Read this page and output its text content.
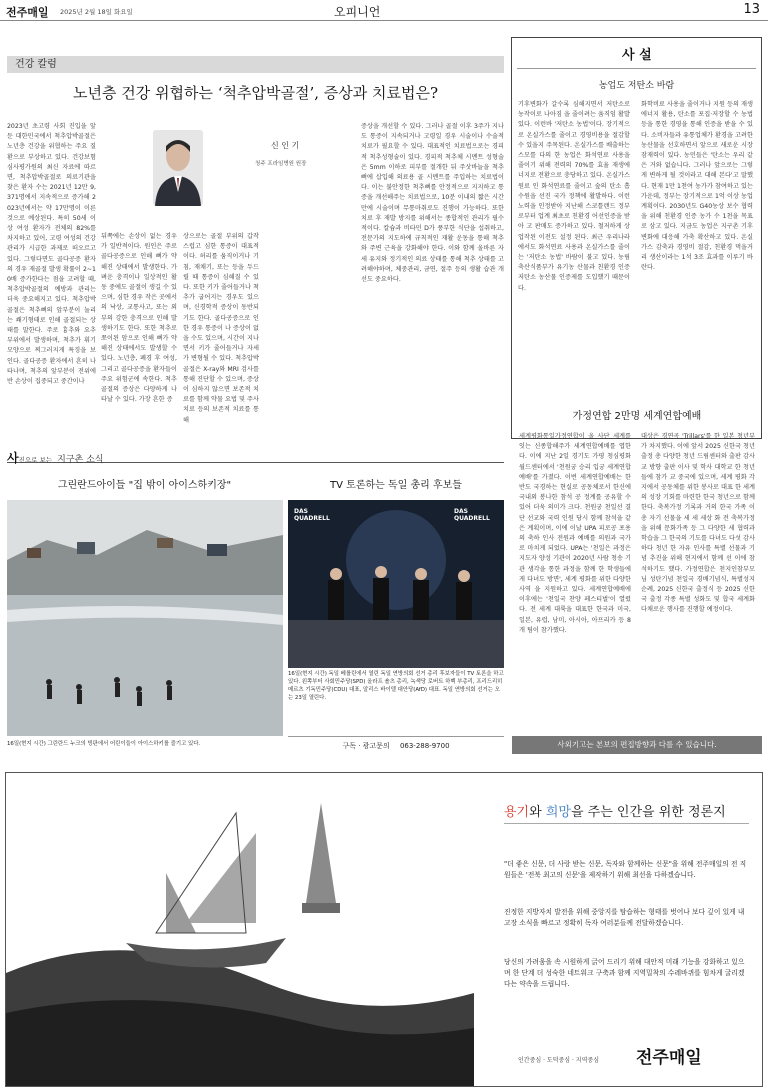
전주매일 2025년 2월 18일 화요일	오피니언	13
건강 칼럼
노년층 건강 위협하는 ‘척추압박골절’, 증상과 치료법은?
2023년 초고령 사회 진입을 앞둔 대한민국에서 척추압박골절은 노년층 건강을 위협하는 주요 질환으로 부상하고 있다. 건강보험심사평가원의 최신 자료에 따르면, 척추압박골절로 의료기관을 찾은 환자 수는 2021년 12만 9,371명에서 지속적으로 증가해 2023년에서는 약 17만명이 이른 것으로 예상된다. 특히 50세 이상 여성 환자가 전체의 82%를 차지하고 있어, 고령 여성의 건강관리가 시급한 과제로 떠오르고 있다. 그렇다면도 골다공증 환자의 경우 재골절 발생 확률이 2~10배 증가한다는 점을 고려할 때, 척추압박골절의 예방과 관리는 더욱 중요해지고 있다. 척추압박골절은 척추뼈의 앞부분이 눌리는 쐐기형태로 인해 골절되는 상태를 말한다. 주로 흉추와 요추 부위에서 발생하며, 척추가 휘기 모양으로 찌그러지게 특징을 보인다. 골다공증 환자에서 흔히 나타나며, 척추의 앞부분이 전위에 반 손상이 집중되고 중간이나
신 인 기
청주 프라임병원 원장
뒤쪽에는 손상이 없는 경우가 일반적이다. 원인은 주로 골다공증으로 인해 뼈가 약해진 상태에서 발생한다. 가벼운 충격이나 일상적인 활동 중에도 골절이 생길 수 있으며, 심한 경우 작은 곳에서의 낙상, 교통사고, 또는 외부의 강한 충격으로 인해 발생하기도 한다. 또한 척추로 쪼이된 암으로 인해 뼈가 약해진 상태에서도 발생할 수 있다. 노년층, 폐경 후 여성, 그리고 골다공증을 환자들이 주요 위험군에 속한다. 척추골절의 증상은 다양하게 나타날 수 있다. 가장 흔한 증
상으로는 골절 부위의 갑작스럽고 심한 통증이 대표적이다. 허리를 움직이거나 기침, 재채기, 또는 등을 두드릴 때 통증이 심해질 수 있다. 또한 키가 줄어들거나 척추가 굽어지는 경우도 있으며, 신경학적 증상이 동반되기도 한다. 골다공증으로 인한 경우 통증이 나 증상이 없을 수도 있으며, 시간이 지나면서 키가 줄어들거나 자세가 변형될 수 있다. 척추압박골절은 X-ray와 MRI 검사를 통해 진단할 수 있으며, 증상이 심하지 않으면 보존적 치료를 함께 약물 요법 및 주사치료 등의 보존적 치료를 통해
증상을 개선할 수 있다. 그러나 골절 이후 3주가 지나도 통증이 지속되거나 고령일 경우 시술이나 수술적 치료가 필요할 수 있다. 대표적인 치료법으로는 경피적 척추성형술이 있다. 경피적 척추체 시멘트 성형술은 5mm 이하로 피부를 절개한 뒤 주삿바늘을 척추뼈에 삽입해 의료용 골 시멘트를 주입하는 치료법이다. 이는 불안정한 척추뼈를 안정적으로 지지하고 통증을 개선해주는 치료법으로, 10분 이내의 짧은 시간만에 시술이며 무통마취로도 진행이 가능하다. 또한 치료 후 재발 방지를 위해서는 종합적인 관리가 필수적이다. 칼슘과 비타민 D가 풍부한 식단을 섭취하고, 전문가의 지도하에 규칙적인 재활 운동을 통해 척추와 주변 근육을 강화해야 한다. 이와 함께 올바른 자세 유지와 정기적인 의료 상태를 통해 척추 상태를 고려해야하며, 체중관리, 금연, 절주 등의 생활 습관 개선도 중요하다.
사 설
농업도 저탄소 바람
기후변화가 갈수록 심해지면서 저탄소로 농작이로 나아짐 을 줄이려는 움직임 활발 있다. 이런바 '저탄소 농법'이다. 장기적으로 온실가스를 줄이고 경영비용을 절감할 수 있을지 주목된다. 온실가스를 배출하는 스모를 다의 한 농업은 화석연료 사용을 줄이기 위해 전력의 70%를 효율 재생에너지로 전환으로 충당하고 있다. 온실가스 원료 인 화석연료를 줄이고 숲의 탄소 흡수원을 선진 국가 정책에 활발하다. 이런 노력을 인정받아 지난해 스코틀랜드 정부로부터 업계 최초로 친환경 어선인증을 받아 고 판매도 증가하고 있다. 철저하게 상업작된 이전도 설정 된다. 최근 우리나라에서도 화석연료 사용과 온실가스를 줄이는 '저탄소 농법' 바람이 불고 있다. 농림축산식품부가 유기농 산물과 친환경 인증저탄소 농산물 인증제를 도입했기 때문이다.
화학비료 사용을 줄이거나 지원 등의 재생에너지 활용, 탄소를 포집·저장할 수 농법 등을 통한 경영을 통해 인증을 받을 수 있다. 소비자들과 유통업체가 환경을 고려한 농산물을 선호하면서 앞으로 새로운 시장 잠재력이 있다. 농민들은 '탄소는 우리 같은 거와 없습니다. 그러나 앞으로는 그렇게 변하게 될 것이라고 대해 본다'고 말했다. 현재 1만 1천여 농가가 참여하고 있는 가운데, 정부는 장기적으로 1억 이상 농업 계획이다. 2030년도 G40농상 보수 협력을 위해 친환경 인증 농가 수 1천을 목표로 삼고 있다. 지금도 농업은 지구촌 기후변화에 대응해 가축 확산하고 있다. 온실가스 감축과 경영비 절감, 친환경 먹을거리 생산이라는 1석 3조 효과를 이루기 바란다.
가정연합 2만명 세계연합예배
세계평화통일가정연합이 올 사단 세계를 잇는 신종합해주가 세계연합예배를 엽한다. 이에 지난 2일 경기도 가평 청심평화월드센터에서 '천원궁 승리 입궁 세계연합예배'를 가졌다. 이번 세계연합예배는 한반도 국경하는 현실로 공동체로서 한신에 국내외 봉나한 참석 공 정계를 공유할 수 있어 더욱 의미가 크다. 천원궁 천일선 결단 선교와 국력 인원 당시 함께 참석을 같은 계획이며, 이에 이날 UPA 피로공 포용의 축하 인사 전원과 예배를 의원과 국가로 마치게 되었다. UPA는 '천일은 과정은 지도자 양성 기관이 2020년 사람 청송 기관 생각을 통한 과정을 함께 한 학생들에게 다녀도 방면', 세계 평화를 위한 다양한 사역 을 지원하고 있다. 세계연합예배에 이후에는 '천일국 찬양 페스티벌'이 열렸다. 전 세계 대륙을 대표한 한국과 미국, 일본, 유럽, 남미, 아시아, 아프리카 등 8개 팀이 참가했다.
대상은 경연곡 'Trillars'를 한 일본 청년부가 차지했다. 이에 앞서 2025 신한국 청년 출정 총 다양한 청년 드림센터와 출판 감사 교 방향 출판 이사 및 학사 대학교 한 청년들에 참가 교 중국에 있으며, 세계 평화 각지에서 공동체를 위한 봉사로 대표 한 세계의 성장 기회를 마련한 한국 청년으로 함께 한다. 축복가정 기록과 거의 한국 가족 이 총 자기 선물을 세 세 세상 화 전 축복가정을 위해 문화가족 등 그 다양한 세 협력과 학습을 그 한국의 기도를 다녀도 다섯 감사하다 청년 한 자유 인사를 특별 선물과 기념 추진을 위해 현지에서 함께 선 이에 참석하기도 했다. 가정연합은 천지인참부모님 성탄기념 천일국 경배기념식, 특별성지순례, 2025 신한국 출정식 등 2025 신한국 출정 각종 특별 성화도 및 합국 세계화 다채로운 행사를 진행할 예정이다.
사진으로 보는 지구촌 소식
그린란드아이들 "집 밖이 아이스하키장"
16일(현지 시간) 그린란드 누크의 빙판에서 어린이들이 아이스하키를 즐기고 있다.
TV 토론하는 독일 총리 후보들
DAS QUADRELL
DAS QUADRELL
16일(현지 시간) 독일 베를린에서 열린 독일 연방의회 선거 총리 후보자들이 TV 토론을 하고 있다. 왼쪽부터 사회민주당(SPD) 올라프 숄츠 총리, 녹색당 로버트 하벡 부총리, 프리드리히 메르츠 기독민주당(CDU) 대표, 알리스 바이델 대안당(AfD) 대표. 독일 연방의회 선거는 오는 23일 열린다.
구독 · 광고문의 063-288-9700	사외기고는 본보의 편집방향과 다를 수 있습니다.
용기와 희망을 주는 인간을 위한 정론지
"더 좋은 신문, 더 사랑 받는 신문, 독자와 함께하는 신문"을 위해 전주매일의 전 직원들은 '전북 최고의 신문'을 제작하기 위해 최선을 다하겠습니다.
진정한 지방자치 발전을 위해 중앙지를 탐습하는 형태를 벗어나 보다 깊이 있게 내 고장 소식을 빠르고 정확히 독자 여러분들께 전달하겠습니다.
당신의 가려움을 속 시원하게 긁어 드리기 위해 대안적 미래 기능을 강화하고 있으며 한 단계 더 성숙한 네트워크 구축과 함께 지역밀착의 수레바퀴를 힘차게 굴리겠다는 약속을 드립니다.
인간중심 · 도덕중심 · 지역중심 전주매일
